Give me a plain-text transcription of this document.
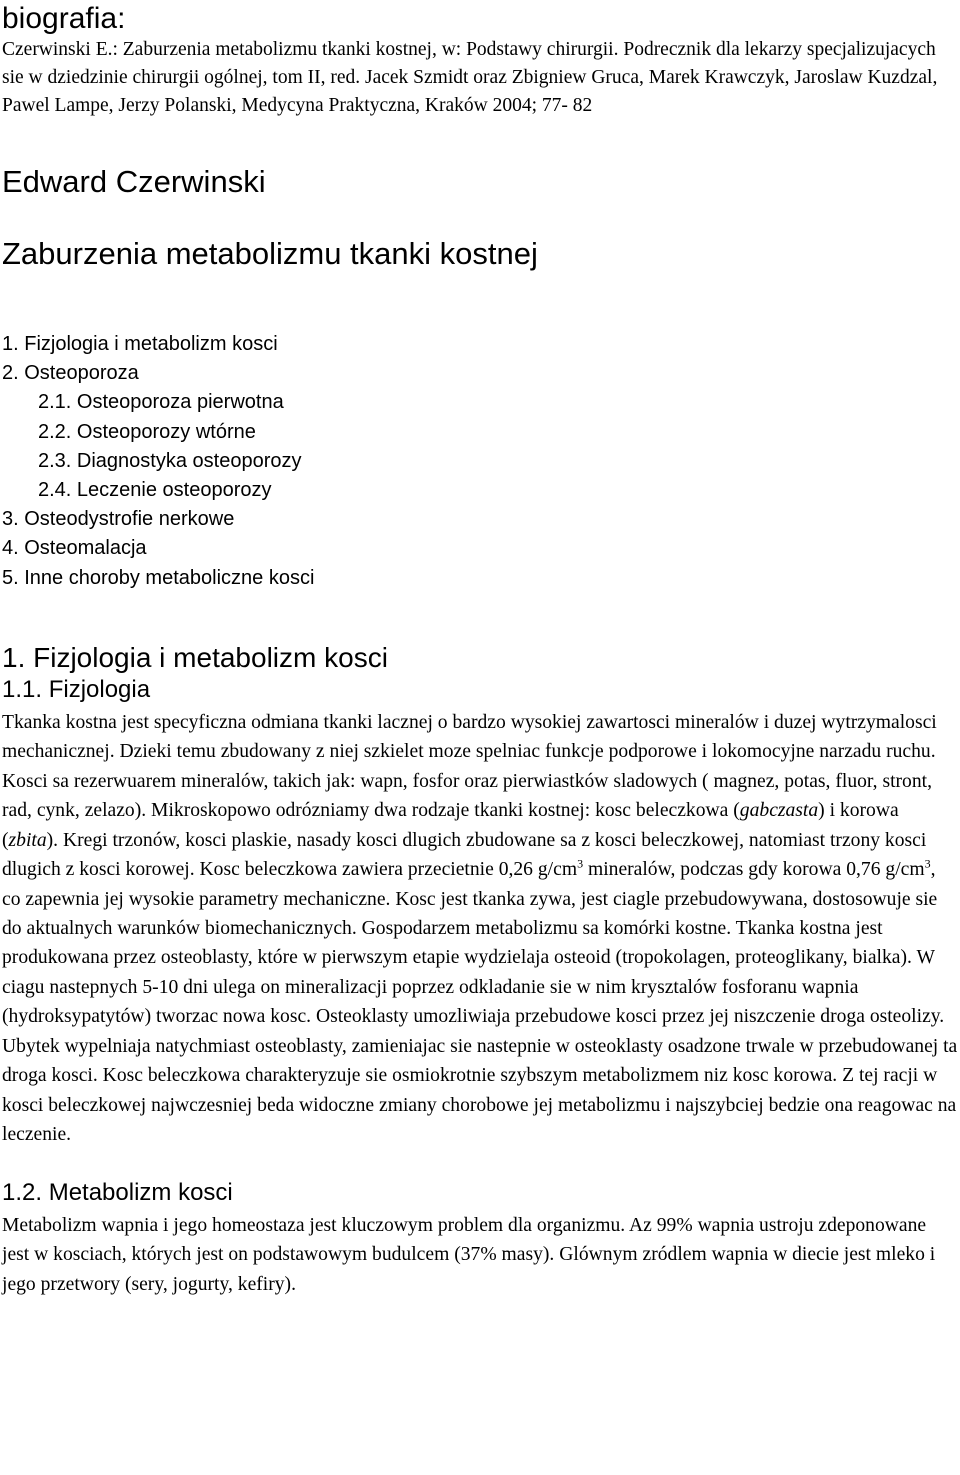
biografia:

Czerwinski E.: Zaburzenia metabolizmu tkanki kostnej, w: Podstawy chirurgii. Podrecznik dla lekarzy specjalizujacych sie w dziedzinie chirurgii ogólnej, tom II, red. Jacek Szmidt oraz Zbigniew Gruca, Marek Krawczyk, Jaroslaw Kuzdzal, Pawel Lampe, Jerzy Polanski, Medycyna Praktyczna, Kraków 2004; 77- 82

Edward Czerwinski
Zaburzenia metabolizmu tkanki kostnej
1. Fizjologia i metabolizm kosci
2. Osteoporoza
2.1. Osteoporoza pierwotna
2.2. Osteoporozy wtórne
2.3. Diagnostyka osteoporozy
2.4. Leczenie osteoporozy
3. Osteodystrofie nerkowe
4. Osteomalacja
5. Inne choroby metaboliczne kosci
1. Fizjologia i metabolizm kosci
1.1. Fizjologia

Tkanka kostna jest specyficzna odmiana tkanki lacznej o bardzo wysokiej zawartosci mineralów i duzej wytrzymalosci mechanicznej. Dzieki temu zbudowany z niej szkielet moze spelniac funkcje podporowe i lokomocyjne narzadu ruchu. Kosci sa rezerwuarem mineralów, takich jak: wapn, fosfor oraz pierwiastków sladowych ( magnez, potas, fluor, stront, rad, cynk, zelazo). Mikroskopowo odrózniamy dwa rodzaje tkanki kostnej: kosc beleczkowa (gabczasta) i korowa (zbita). Kregi trzonów, kosci plaskie, nasady kosci dlugich zbudowane sa z kosci beleczkowej, natomiast trzony kosci dlugich z kosci korowej. Kosc beleczkowa zawiera przecietnie 0,26 $g/cm^3$ mineralów, podczas gdy korowa 0,76 $g/cm^3$, co zapewnia jej wysokie parametry mechaniczne. Kosc jest tkanka zywa, jest ciagle przebudowywana, dostosowuje sie do aktualnych warunków biomechanicznych. Gospodarzem metabolizmu sa komórki kostne. Tkanka kostna jest produkowana przez osteoblasty, które w pierwszym etapie wydzielaja osteoid (tropokolagen, proteoglikany, bialka). W ciagu nastepnych 5-10 dni ulega on mineralizacji poprzez odkladanie sie w nim krysztalów fosforanu wapnia (hydroksypatytów) tworzac nowa kosc. Osteoklasty umozliwiaja przebudowe kosci przez jej niszczenie droga osteolizy. Ubytek wypelniaja natychmiast osteoblasty, zamieniajac sie nastepnie w osteoklasty osadzone trwale w przebudowanej ta droga kosci. Kosc beleczkowa charakteryzuje sie osmiokrotnie szybszym metabolizmem niz kosc korowa. Z tej racji w kosci beleczkowej najwczesniej beda widoczne zmiany chorobowe jej metabolizmu i najszybciej bedzie ona reagowac na leczenie.

1.2. Metabolizm kosci

Metabolizm wapnia i jego homeostaza jest kluczowym problem dla organizmu. Az 99% wapnia ustroju zdeponowane jest w kosciach, których jest on podstawowym budulcem (37% masy). Glównym zródlem wapnia w diecie jest mleko i jego przetwory (sery, jogurty, kefiry).
